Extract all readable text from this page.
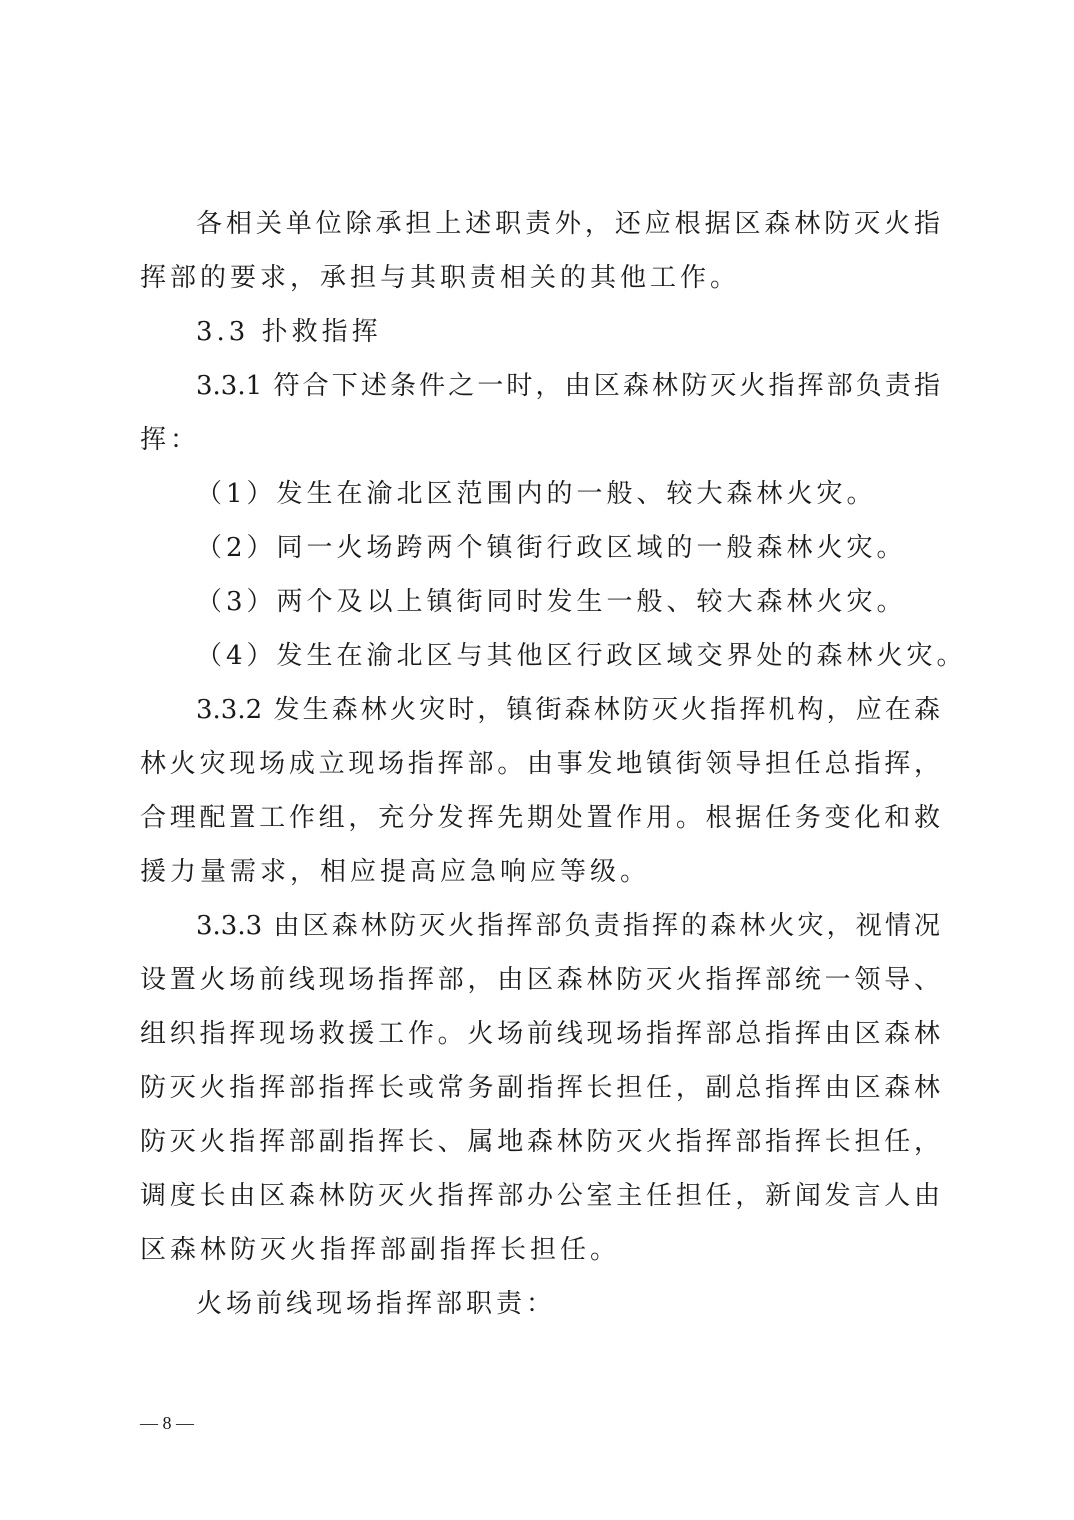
各相关单位除承担上述职责外，还应根据区森林防灭火指
挥部的要求，承担与其职责相关的其他工作。
3.3 扑救指挥
3.3.1 符合下述条件之一时，由区森林防灭火指挥部负责指
挥：
（1）发生在渝北区范围内的一般、较大森林火灾。
（2）同一火场跨两个镇街行政区域的一般森林火灾。
（3）两个及以上镇街同时发生一般、较大森林火灾。
（4）发生在渝北区与其他区行政区域交界处的森林火灾。
3.3.2 发生森林火灾时，镇街森林防灭火指挥机构，应在森
林火灾现场成立现场指挥部。由事发地镇街领导担任总指挥，
合理配置工作组，充分发挥先期处置作用。根据任务变化和救
援力量需求，相应提高应急响应等级。
3.3.3 由区森林防灭火指挥部负责指挥的森林火灾，视情况
设置火场前线现场指挥部，由区森林防灭火指挥部统一领导、
组织指挥现场救援工作。火场前线现场指挥部总指挥由区森林
防灭火指挥部指挥长或常务副指挥长担任，副总指挥由区森林
防灭火指挥部副指挥长、属地森林防灭火指挥部指挥长担任，
调度长由区森林防灭火指挥部办公室主任担任，新闻发言人由
区森林防灭火指挥部副指挥长担任。
火场前线现场指挥部职责：
— 8 —
